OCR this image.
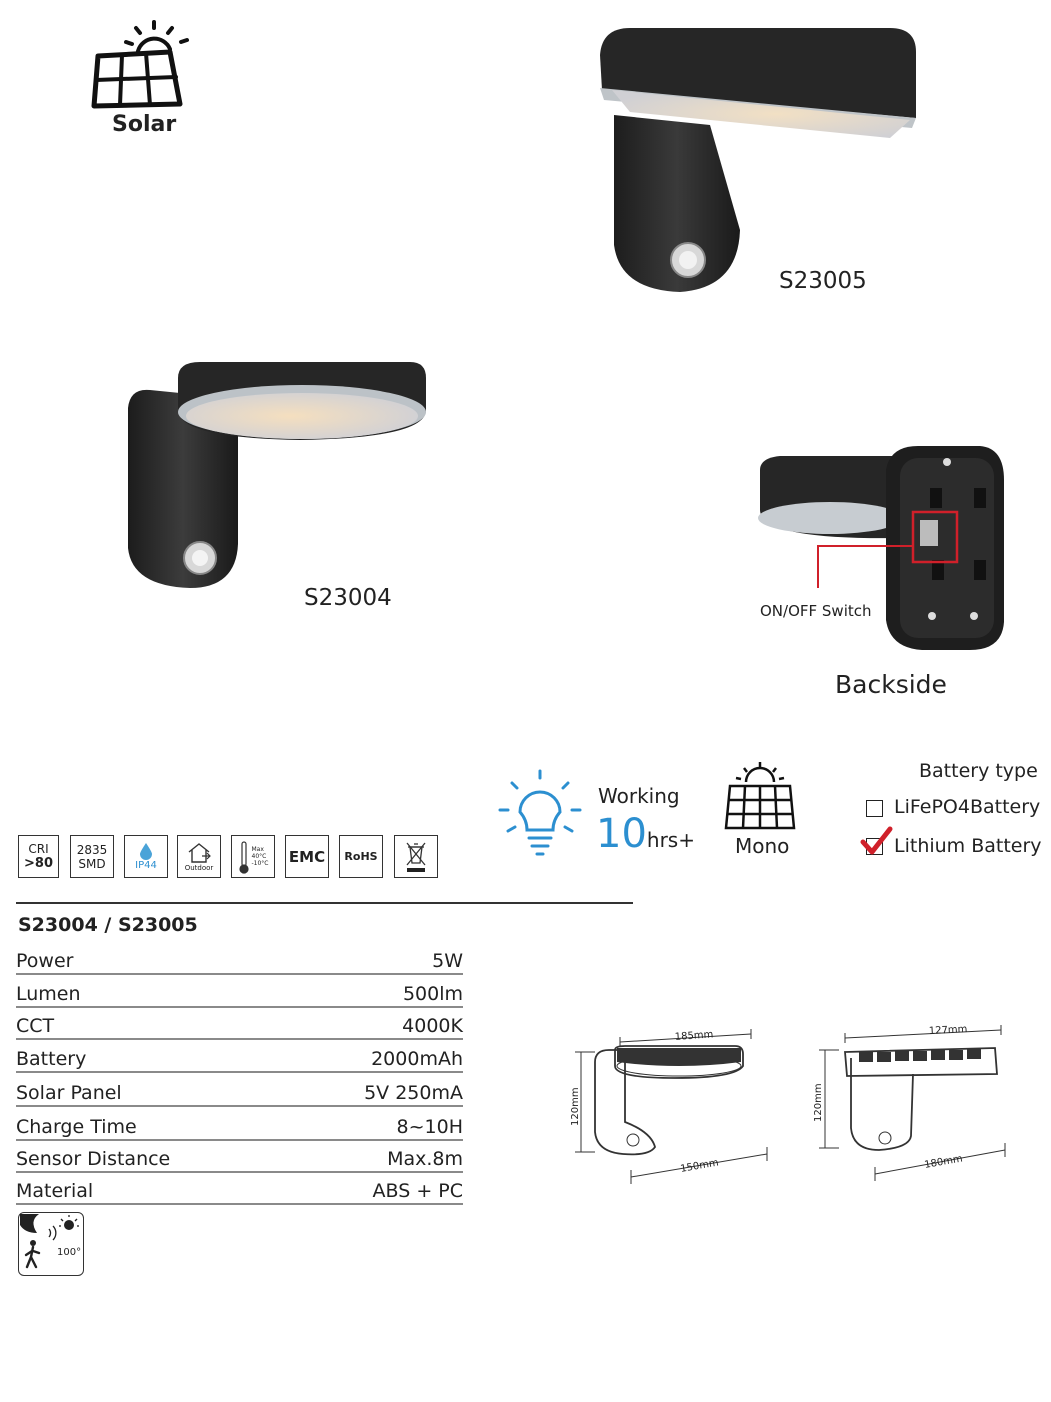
Solar
S23005
S23004	ON/OFF Switch
Backside
Working
10hrs+ Mono
Battery type
LiFePO4Battery
Lithium Battery
CRI
>80
2835
SMD	IP44	Outdoor
Max
40°C
-10°C EMC RoHS
S23004 / S23005
Power	5W
Lumen	500lm
CCT	4000K
Battery	2000mAh
Solar Panel	5V 250mA
Charge Time	8~10H
Sensor Distance	Max.8m
Material	ABS + PC
100°
185mm
120mm
150mm
127mm
120mm
180mm
